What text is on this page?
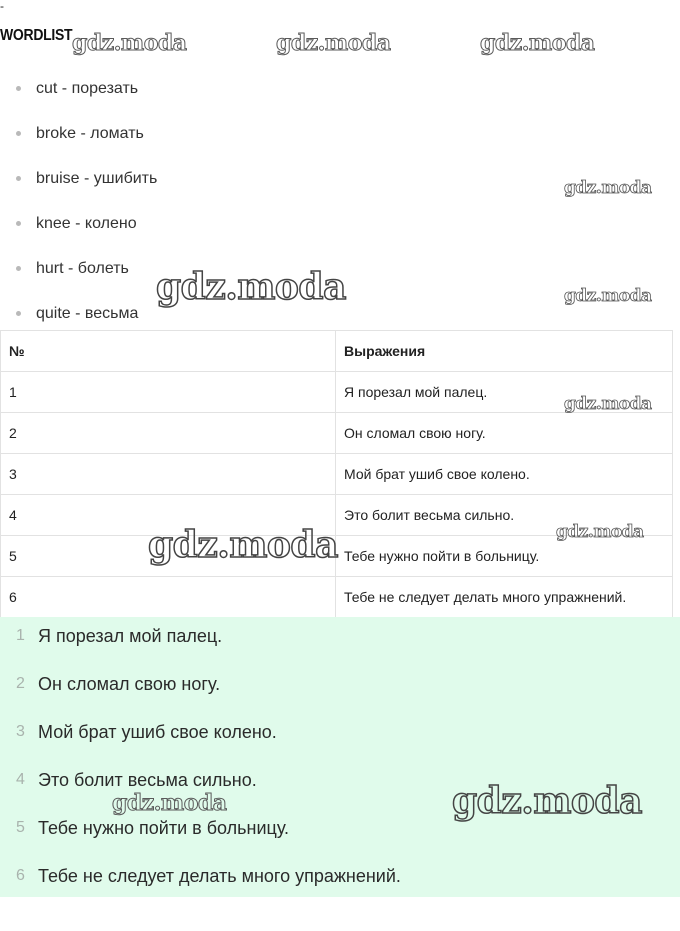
-
WORDLIST
cut - порезать
broke - ломать
bruise - ушибить
knee - колено
hurt - болеть
quite - весьма
№	Выражения
1	Я порезал мой палец.
2	Он сломал свою ногу.
3	Мой брат ушиб свое колено.
4	Это болит весьма сильно.
5	Тебе нужно пойти в больницу.
6	Тебе не следует делать много упражнений.
1 Я порезал мой палец.
2 Он сломал свою ногу.
3 Мой брат ушиб свое колено.
4 Это болит весьма сильно.
5 Тебе нужно пойти в больницу.
6 Тебе не следует делать много упражнений.
gdz.moda	gdz.moda	gdz.moda
gdz.moda
gdz.moda	gdz.moda
gdz.moda
gdz.moda
gdz.moda
